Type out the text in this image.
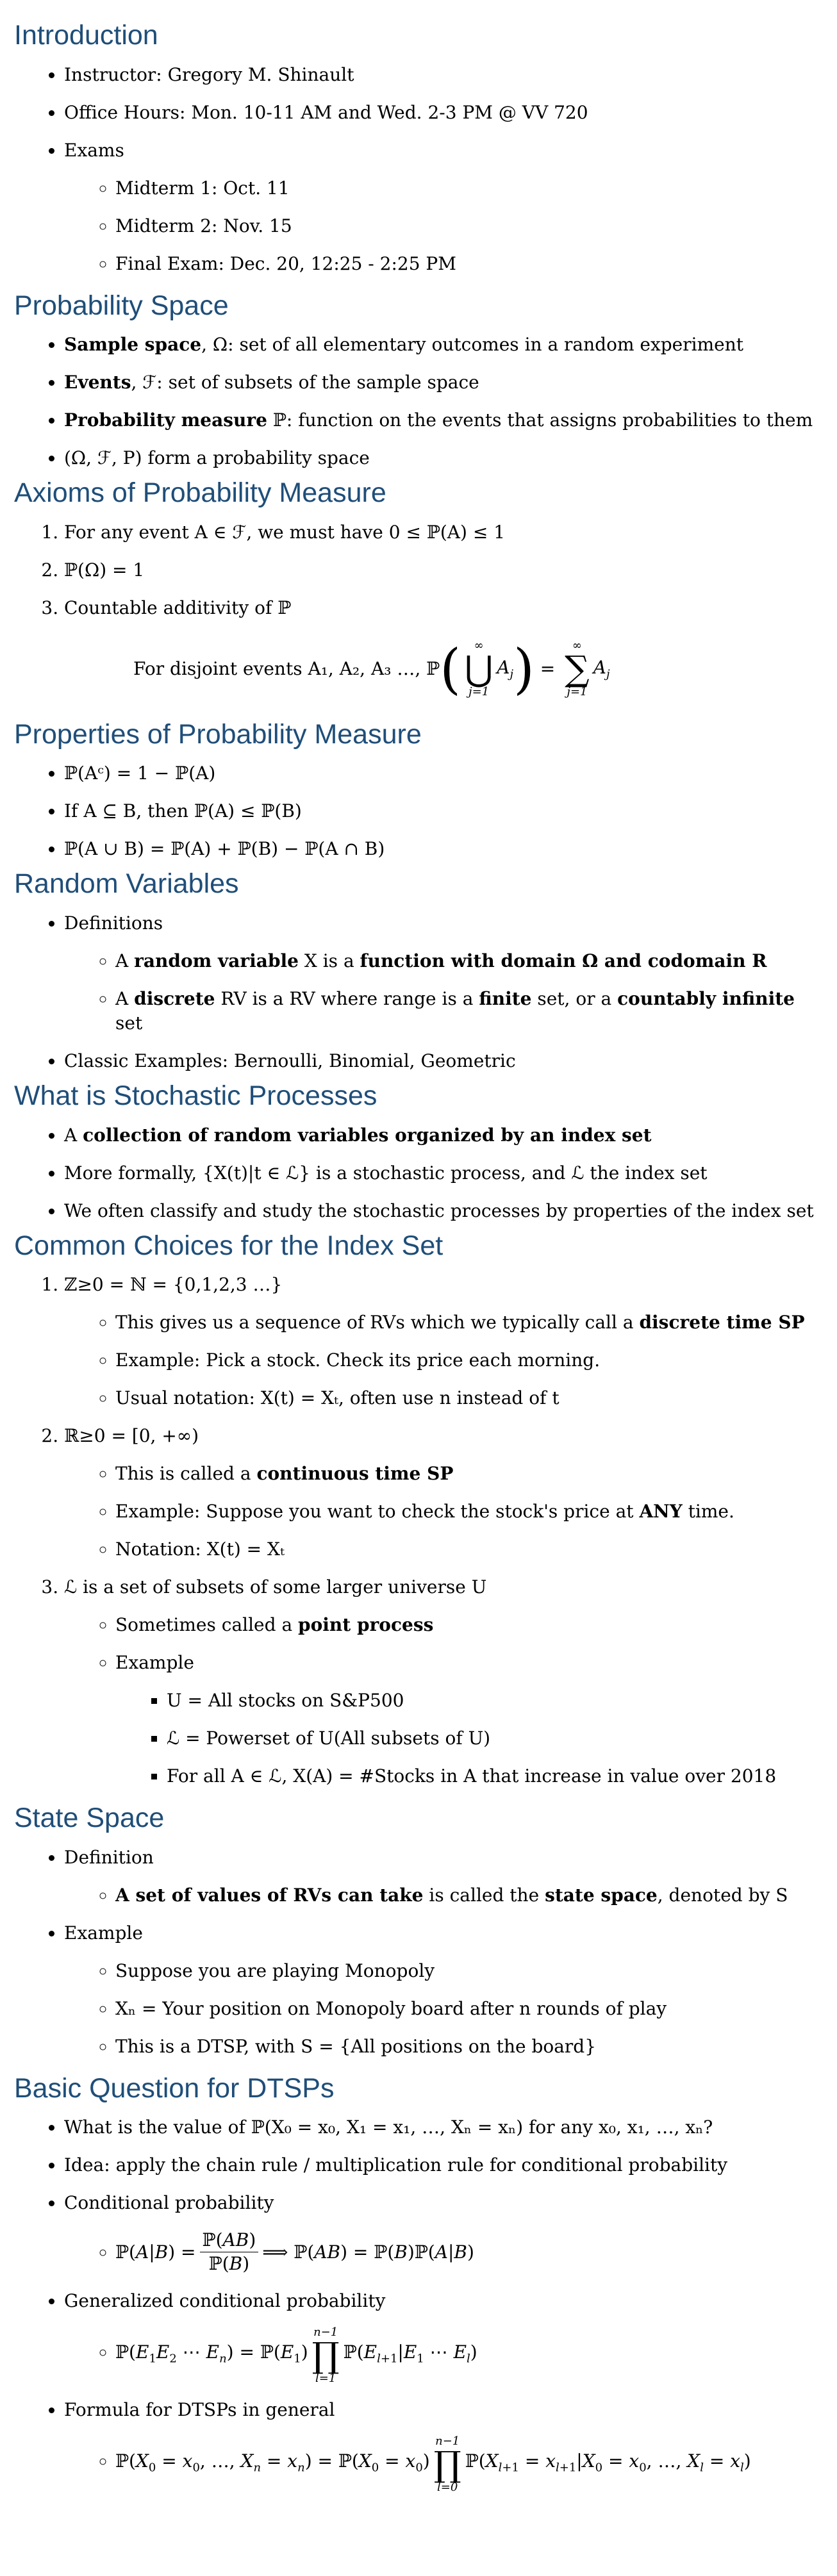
Introduction
• Instructor: Gregory M. Shinault
• Office Hours: Mon. 10-11 AM and Wed. 2-3 PM @ VV 720
• Exams
◦ Midterm 1: Oct. 11
◦ Midterm 2: Nov. 15
◦ Final Exam: Dec. 20, 12:25 - 2:25 PM
Probability Space
• Sample space, Ω: set of all elementary outcomes in a random experiment
• Events, ℱ: set of subsets of the sample space
• Probability measure ℙ: function on the events that assigns probabilities to them
• (Ω, ℱ, P) form a probability space
Axioms of Probability Measure
1. For any event A ∈ ℱ, we must have 0 ≤ ℙ(A) ≤ 1
2. ℙ(Ω) = 1
3. Countable additivity of ℙ
For disjoint events A₁, A₂, A₃ …, ℙ ( ∞
⋃
j=1
$A_j$ ) =
∞
∑
j=1
$A_j$
Properties of Probability Measure
• ℙ(Aᶜ) = 1 − ℙ(A)
• If A ⊆ B, then ℙ(A) ≤ ℙ(B)
• ℙ(A ∪ B) = ℙ(A) + ℙ(B) − ℙ(A ∩ B)
Random Variables
• Definitions
◦ A random variable X is a function with domain Ω and codomain R
◦ A discrete RV is a RV where range is a finite set, or a countably infinite set
• Classic Examples: Bernoulli, Binomial, Geometric
What is Stochastic Processes
• A collection of random variables organized by an index set
• More formally, {X(t)|t ∈ ℒ} is a stochastic process, and ℒ the index set
• We often classify and study the stochastic processes by properties of the index set
Common Choices for the Index Set
1. ℤ≥0 = ℕ = {0,1,2,3 …}
◦ This gives us a sequence of RVs which we typically call a discrete time SP
◦ Example: Pick a stock. Check its price each morning.
◦ Usual notation: X(t) = Xₜ, often use n instead of t
2. ℝ≥0 = [0, +∞)
◦ This is called a continuous time SP
◦ Example: Suppose you want to check the stock's price at ANY time.
◦ Notation: X(t) = Xₜ
3. ℒ is a set of subsets of some larger universe U
◦ Sometimes called a point process
◦ Example
▪ U = All stocks on S&P500
▪ ℒ = Powerset of U(All subsets of U)
▪ For all A ∈ ℒ, X(A) = #Stocks in A that increase in value over 2018
State Space
• Definition
◦ A set of values of RVs can take is called the state space, denoted by S
• Example
◦ Suppose you are playing Monopoly
◦ Xₙ = Your position on Monopoly board after n rounds of play
◦ This is a DTSP, with S = {All positions on the board}
Basic Question for DTSPs
• What is the value of ℙ(X₀ = x₀, X₁ = x₁, …, Xₙ = xₙ) for any x₀, x₁, …, xₙ?
• Idea: apply the chain rule / multiplication rule for conditional probability
• Conditional probability
◦ ℙ(A|B) = $\frac{\text{ℙ(AB)}}{\text{ℙ(B)}}$ ⟹ ℙ(AB) = ℙ(B)ℙ(A|B)
• Generalized conditional probability
◦ $ℙ(E_1E_2$ ⋯ $E_n$) = $ℙ(E_1)$
n−1
∏
l=1
$ℙ(E_{l+1}|E_1$ ⋯ $E_l$)
• Formula for DTSPs in general
◦ $ℙ(X_0 = x_0$, …, $X_n = x_n$) = $ℙ(X_0 = x_0)$
n−1
∏
l=0
$ℙ(X_{l+1} = x_{l+1}|X_0 = x_0$, …, $X_l = x_l$)
